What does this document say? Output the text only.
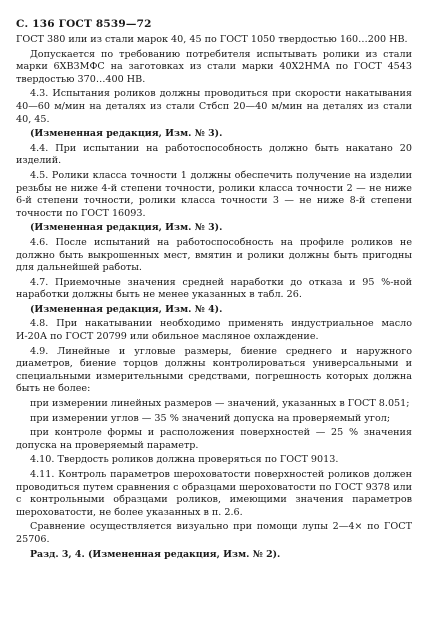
С. 136 ГОСТ 8539—72
ГОСТ 380 или из стали марок 40, 45 по ГОСТ 1050 твердостью 160…200 НВ.
Допускается по требованию потребителя испытывать ролики из стали марки 6ХВ3МФС на заготовках из стали марки 40Х2НМА по ГОСТ 4543 твердостью 370…400 НВ.
4.3. Испытания роликов должны проводиться при скорости накатывания 40—60 м/мин на деталях из стали Стбсп 20—40 м/мин на деталях из стали 40, 45.
(Измененная редакция, Изм. № 3).
4.4. При испытании на работоспособность должно быть накатано 20 изделий.
4.5. Ролики класса точности 1 должны обеспечить получение на изделии резьбы не ниже 4-й степени точности, ролики класса точности 2 — не ниже 6-й степени точности, ролики класса точности 3 — не ниже 8-й степени точности по ГОСТ 16093.
(Измененная редакция, Изм. № 3).
4.6. После испытаний на работоспособность на профиле роликов не должно быть выкрошенных мест, вмятин и ролики должны быть пригодны для дальнейшей работы.
4.7. Приемочные значения средней наработки до отказа и 95 %-ной наработки должны быть не менее указанных в табл. 26.
(Измененная редакция, Изм. № 4).
4.8. При накатывании необходимо применять индустриальное масло И-20А по ГОСТ 20799 или обильное масляное охлаждение.
4.9. Линейные и угловые размеры, биение среднего и наружного диаметров, биение торцов должны контролироваться универсальными и специальными измерительными средствами, погрешность которых должна быть не более:
при измерении линейных размеров — значений, указанных в ГОСТ 8.051;
при измерении углов — 35 % значений допуска на проверяемый угол;
при контроле формы и расположения поверхностей — 25 % значения допуска на проверяемый параметр.
4.10. Твердость роликов должна проверяться по ГОСТ 9013.
4.11. Контроль параметров шероховатости поверхностей роликов должен проводиться путем сравнения с образцами шероховатости по ГОСТ 9378 или с контрольными образцами роликов, имеющими значения параметров шероховатости, не более указанных в п. 2.6.
Сравнение осуществляется визуально при помощи лупы 2—4× по ГОСТ 25706.
Разд. 3, 4. (Измененная редакция, Изм. № 2).
